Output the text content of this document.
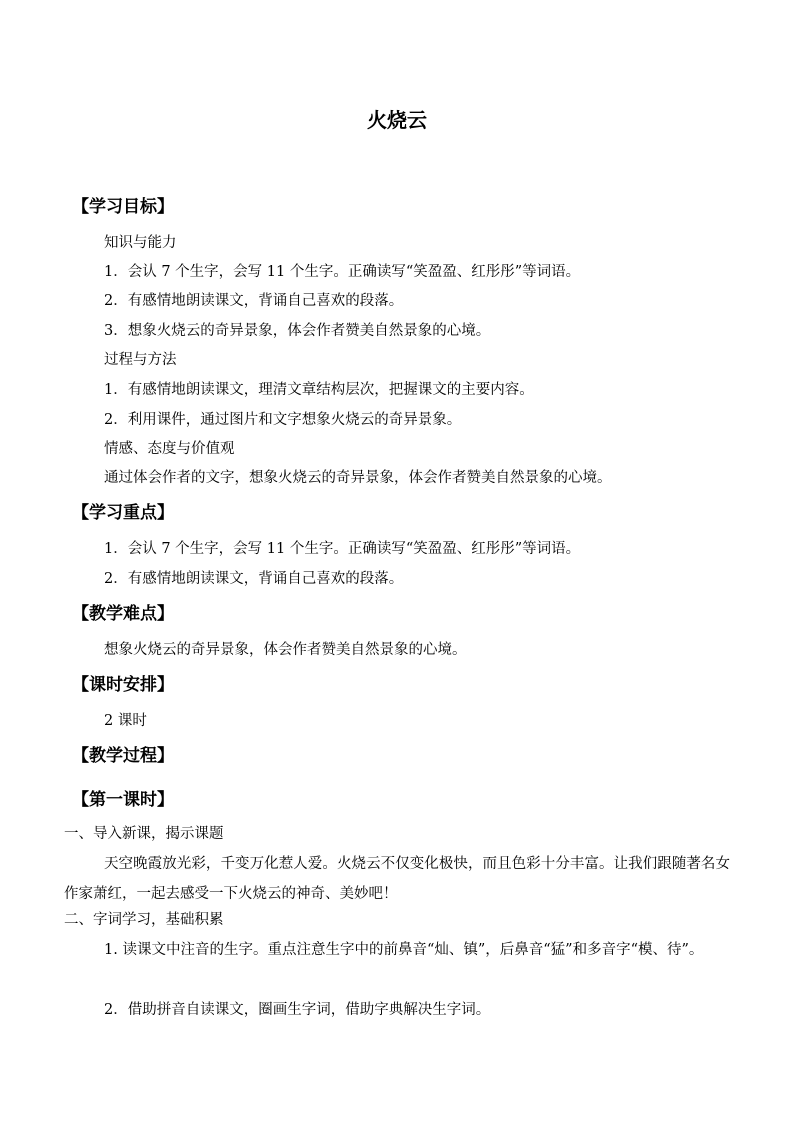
火烧云
【学习目标】
知识与能力
1．会认 7 个生字，会写 11 个生字。正确读写“笑盈盈、红彤彤”等词语。
2．有感情地朗读课文，背诵自己喜欢的段落。
3．想象火烧云的奇异景象，体会作者赞美自然景象的心境。
过程与方法
1．有感情地朗读课文，理清文章结构层次，把握课文的主要内容。
2．利用课件，通过图片和文字想象火烧云的奇异景象。
情感、态度与价值观
通过体会作者的文字，想象火烧云的奇异景象，体会作者赞美自然景象的心境。
【学习重点】
1．会认 7 个生字，会写 11 个生字。正确读写“笑盈盈、红彤彤”等词语。
2．有感情地朗读课文，背诵自己喜欢的段落。
【教学难点】
想象火烧云的奇异景象，体会作者赞美自然景象的心境。
【课时安排】
2 课时
【教学过程】
【第一课时】
一、导入新课，揭示课题
天空晚霞放光彩，千变万化惹人爱。火烧云不仅变化极快，而且色彩十分丰富。让我们跟随著名女作家萧红，一起去感受一下火烧云的神奇、美妙吧！
二、字词学习，基础积累
1. 读课文中注音的生字。重点注意生字中的前鼻音“灿、镇”，后鼻音“猛”和多音字“模、待”。
2．借助拼音自读课文，圈画生字词，借助字典解决生字词。
